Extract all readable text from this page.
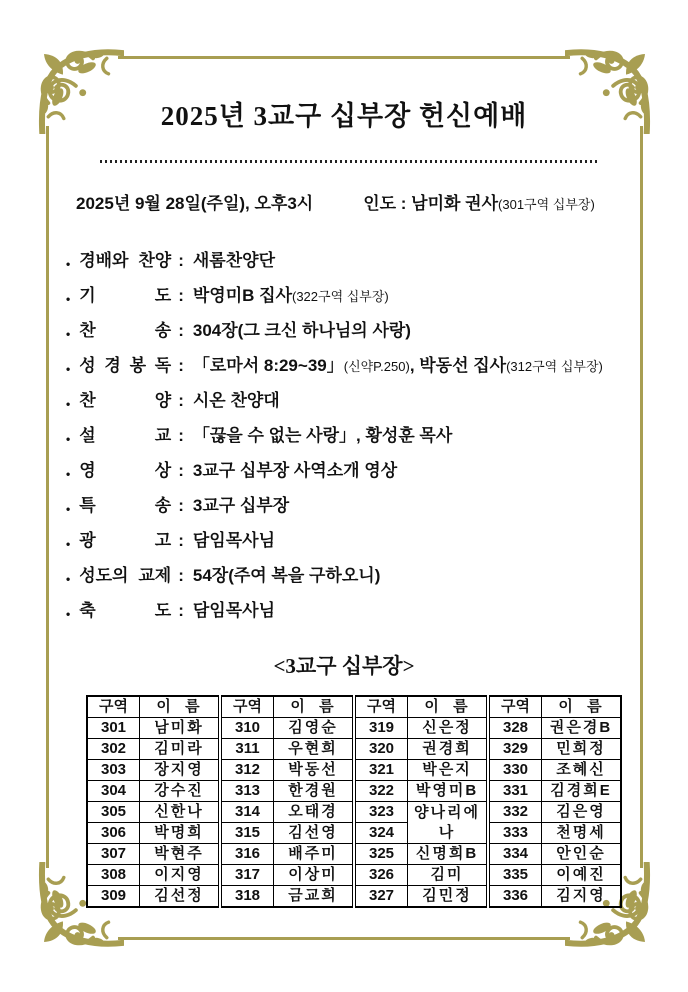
2025년 3교구 십부장 헌신예배
2025년 9월 28일(주일), 오후3시	인도 : 남미화 권사(301구역 십부장)
• 경배와 찬양 : 새롬찬양단
• 기	도 : 박영미B 집사(322구역 십부장)
• 찬	송 : 304장(그 크신 하나님의 사랑)
• 성 경 봉 독 : 「로마서 8:29~39」(신약P.250), 박동선 집사(312구역 십부장)
• 찬	양 : 시온 찬양대
• 설	교 : 「끊을 수 없는 사랑」, 황성훈 목사
• 영	상 : 3교구 십부장 사역소개 영상
• 특	송 : 3교구 십부장
• 광	고 : 담임목사님
• 성도의 교제 : 54장(주여 복을 구하오니)
• 축	도 : 담임목사님
<3교구 십부장>
구역	이  름	구역	이  름	구역	이  름	구역	이  름
301	남미화	310	김영순	319	신은정	328	권은경B
302	김미라	311	우현희	320	권경희	329	민희정
303	장지영	312	박동선	321	박은지	330	조혜신
304	강수진	313	한경원	322	박영미B	331	김경희E
305	신한나	314	오태경	323	양나리에나	332	김은영
306	박명희	315	김선영	324		333	천명세
307	박현주	316	배주미	325	신명희B	334	안인순
308	이지영	317	이상미	326	김미	335	이예진
309	김선정	318	금교희	327	김민정	336	김지영
